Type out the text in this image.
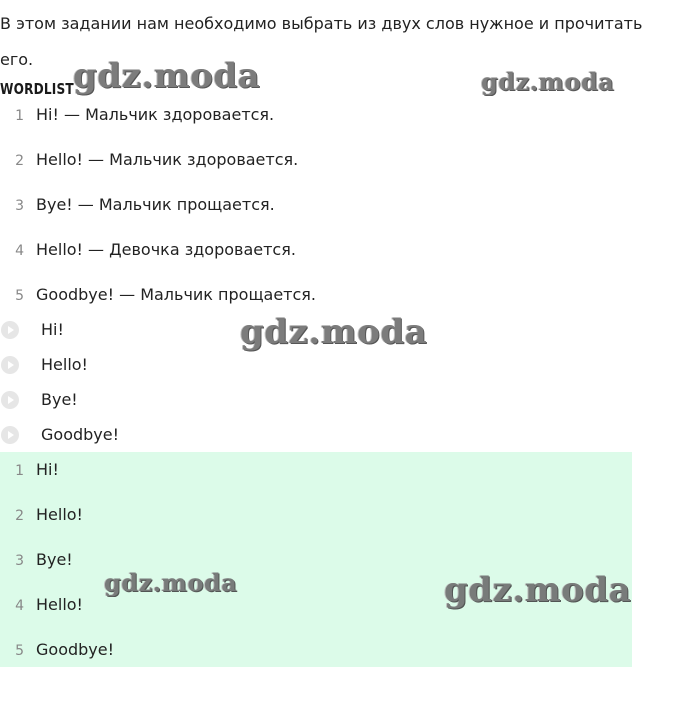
В этом задании нам необходимо выбрать из двух слов нужное и прочитать его.

WORDLIST
1 Hi! — Мальчик здоровается.
2 Hello! — Мальчик здоровается.
3 Bye! — Мальчик прощается.
4 Hello! — Девочка здоровается.
5 Goodbye! — Мальчик прощается.
Hi!
Hello!
Bye!
Goodbye!
1 Hi!
2 Hello!
3 Bye!
4 Hello!
5 Goodbye!
gdz.moda	gdz.moda
gdz.moda
gdz.moda	gdz.moda
